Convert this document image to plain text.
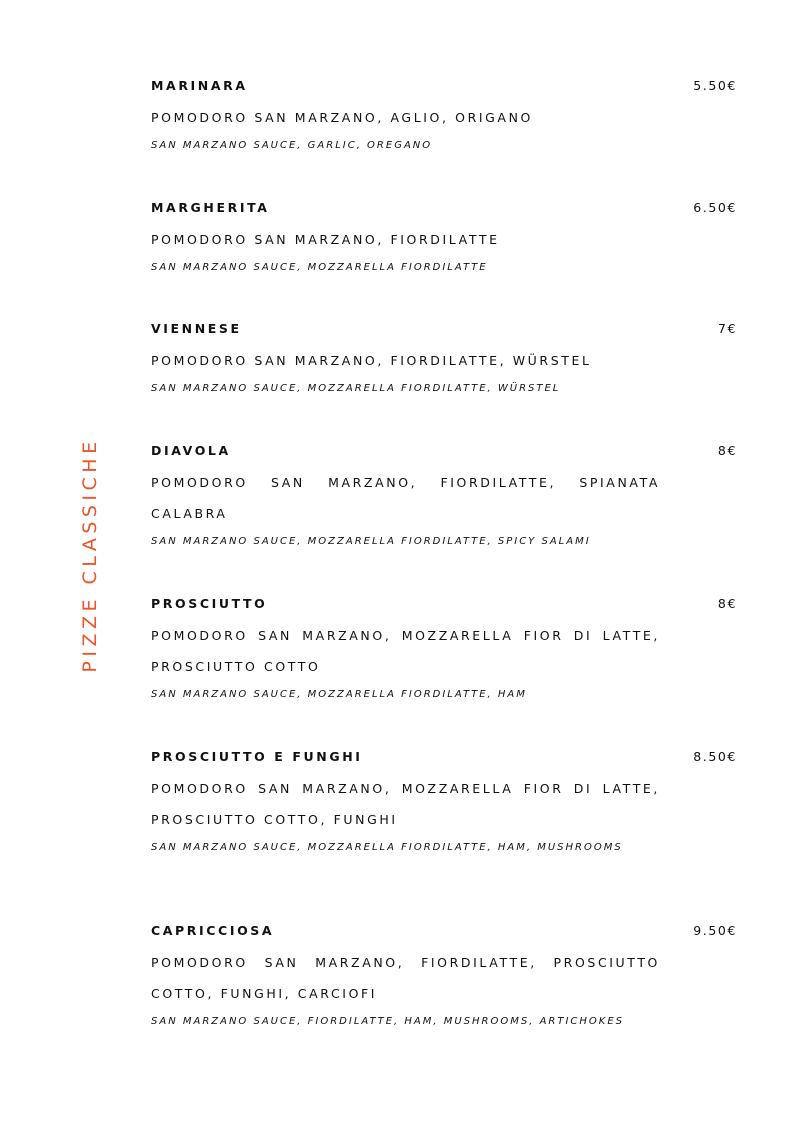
PIZZE CLASSICHE
MARINARA	5.50€
POMODORO SAN MARZANO, AGLIO, ORIGANO
SAN MARZANO SAUCE, GARLIC, OREGANO
MARGHERITA	6.50€
POMODORO SAN MARZANO, FIORDILATTE
SAN MARZANO SAUCE, MOZZARELLA FIORDILATTE
VIENNESE	7€
POMODORO SAN MARZANO, FIORDILATTE, WÜRSTEL
SAN MARZANO SAUCE, MOZZARELLA FIORDILATTE, WÜRSTEL
DIAVOLA	8€
POMODORO SAN MARZANO, FIORDILATTE, SPIANATA CALABRA
SAN MARZANO SAUCE, MOZZARELLA FIORDILATTE, SPICY SALAMI
PROSCIUTTO	8€
POMODORO SAN MARZANO, MOZZARELLA FIOR DI LATTE, PROSCIUTTO COTTO
SAN MARZANO SAUCE, MOZZARELLA FIORDILATTE, HAM
PROSCIUTTO E FUNGHI	8.50€
POMODORO SAN MARZANO, MOZZARELLA FIOR DI LATTE, PROSCIUTTO COTTO, FUNGHI
SAN MARZANO SAUCE, MOZZARELLA FIORDILATTE, HAM, MUSHROOMS
CAPRICCIOSA	9.50€
POMODORO SAN MARZANO, FIORDILATTE, PROSCIUTTO COTTO, FUNGHI, CARCIOFI
SAN MARZANO SAUCE, FIORDILATTE, HAM, MUSHROOMS, ARTICHOKES
